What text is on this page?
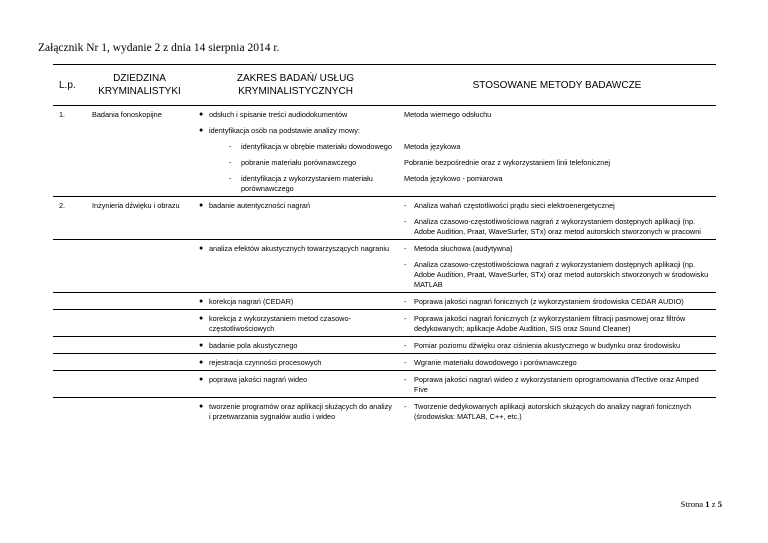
Załącznik Nr 1, wydanie 2 z dnia 14 sierpnia 2014 r.
L.p.	DZIEDZINA KRYMINALISTYKI	ZAKRES BADAŃ/ USŁUG KRYMINALISTYCZNYCH	STOSOWANE METODY BADAWCZE
1.	Badania fonoskopijne	● odsłuch i spisanie treści audiodokumentów	Metoda wiernego odsłuchu

		● identyfikacja osób na podstawie analizy mowy:	

		- identyfikacja w obrębie materiału dowodowego	Metoda językowa

		- pobranie materiału porównawczego	Pobranie bezpośrednie oraz z wykorzystaniem linii telefonicznej

		- identyfikacja z wykorzystaniem materiału porównawczego	Metoda językowo - pomiarowa
2.	Inżynieria dźwięku i obrazu	● badanie autentyczności nagrań	- Analiza wahań częstotliwości prądu sieci elektroenergetycznej

			- Analiza czasowo-częstotliwościowa nagrań z wykorzystaniem dostępnych aplikacji (np. Adobe Audition, Praat, WaveSurfer, STx) oraz metod autorskich stworzonych w pracowni

		● analiza efektów akustycznych towarzyszących nagraniu	- Metoda słuchowa (audytywna)

			- Analiza czasowo-częstotliwościowa nagrań z wykorzystaniem dostępnych aplikacji (np. Adobe Audition, Praat, WaveSurfer, STx) oraz metod autorskich stworzonych w środowisku MATLAB

		● korekcja nagrań (CEDAR)	- Poprawa jakości nagrań fonicznych (z wykorzystaniem środowiska CEDAR AUDIO)

		● korekcja z wykorzystaniem metod czasowo-częstotliwościowych	- Poprawa jakości nagrań fonicznych (z wykorzystaniem filtracji pasmowej oraz filtrów dedykowanych; aplikacje Adobe Audition, SIS oraz Sound Cleaner)

		● badanie pola akustycznego	- Pomiar poziomu dźwięku oraz ciśnienia akustycznego w budynku oraz środowisku

		● rejestracja czynności procesowych	- Wgranie materiału dowodowego i porównawczego

		● poprawa jakości nagrań wideo	- Poprawa jakości nagrań wideo z wykorzystaniem oprogramowania dTective oraz Amped Five

		● tworzenie programów oraz aplikacji służących do analizy i przetwarzania sygnałów audio i wideo	- Tworzenie dedykowanych aplikacji autorskich służących do analizy nagrań fonicznych (środowiska: MATLAB, C++, etc.)
Strona 1 z 5
